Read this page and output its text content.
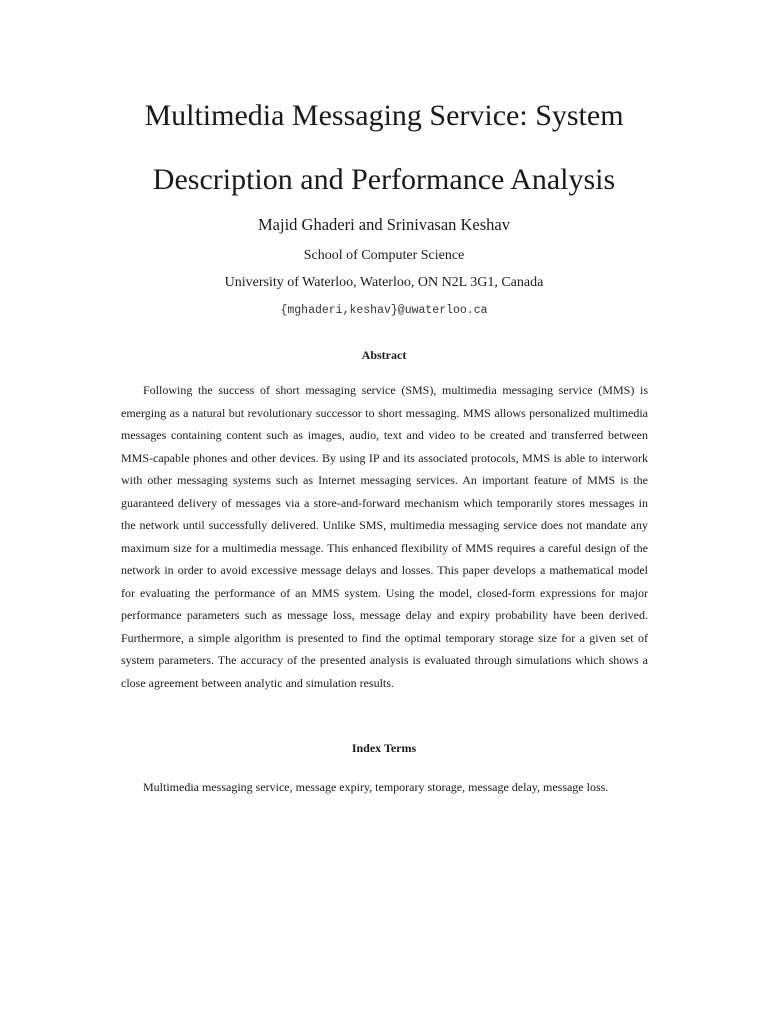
Multimedia Messaging Service: System
Description and Performance Analysis

Majid Ghaderi and Srinivasan Keshav

School of Computer Science

University of Waterloo, Waterloo, ON N2L 3G1, Canada

{mghaderi,keshav}@uwaterloo.ca

Abstract

Following the success of short messaging service (SMS), multimedia messaging service (MMS) is emerging as a natural but revolutionary successor to short messaging. MMS allows personalized multimedia messages containing content such as images, audio, text and video to be created and transferred between MMS-capable phones and other devices. By using IP and its associated protocols, MMS is able to interwork with other messaging systems such as Internet messaging services. An important feature of MMS is the guaranteed delivery of messages via a store-and-forward mechanism which temporarily stores messages in the network until successfully delivered. Unlike SMS, multimedia messaging service does not mandate any maximum size for a multimedia message. This enhanced flexibility of MMS requires a careful design of the network in order to avoid excessive message delays and losses. This paper develops a mathematical model for evaluating the performance of an MMS system. Using the model, closed-form expressions for major performance parameters such as message loss, message delay and expiry probability have been derived. Furthermore, a simple algorithm is presented to find the optimal temporary storage size for a given set of system parameters. The accuracy of the presented analysis is evaluated through simulations which shows a close agreement between analytic and simulation results.

Index Terms

Multimedia messaging service, message expiry, temporary storage, message delay, message loss.
